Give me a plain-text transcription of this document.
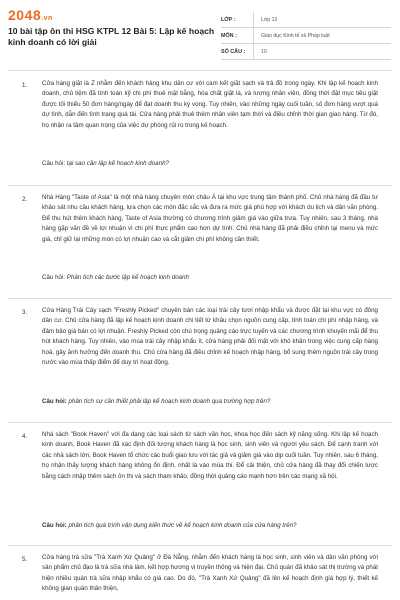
2048.vn
10 bài tập ôn thi HSG KTPL 12 Bài 5: Lập kế hoạch kinh doanh có lời giải
LỚP :	Lớp 12
MÔN :	Giáo dục Kinh tế và Pháp luật
SỐ CÂU :	10
1. Cửa hàng giặt là Z nhằm đến khách hàng khu dân cư với cam kết giặt sạch và trả đồ trong ngày. Khi lập kế hoạch kinh doanh, chủ tiệm đã tính toán kỹ chi phí thuê mặt bằng, hóa chất giặt là, và lương nhân viên, đồng thời đặt mục tiêu giặt được tối thiểu 50 đơn hàng/ngày để đạt doanh thu kỳ vọng. Tuy nhiên, vào những ngày cuối tuần, số đơn hàng vượt quá dự tính, dẫn đến tình trạng quá tải. Cửa hàng phải thuê thêm nhân viên tạm thời và điều chỉnh thời gian giao hàng. Từ đó, họ nhận ra tầm quan trọng của việc dự phòng rủi ro trong kế hoạch.
Câu hỏi: tại sao cần lập kế hoạch kinh doanh?
2. Nhà Hàng "Taste of Asia" là một nhà hàng chuyên món châu Á tại khu vực trung tâm thành phố. Chủ nhà hàng đã đầu tư khảo sát nhu cầu khách hàng, lựa chọn các món đặc sắc và đưa ra mức giá phù hợp với khách du lịch và dân văn phòng. Để thu hút thêm khách hàng, Taste of Asia thường có chương trình giảm giá vào giữa trưa. Tuy nhiên, sau 3 tháng, nhà hàng gặp vấn đề về lợi nhuận vì chi phí thực phẩm cao hơn dự tính. Chủ nhà hàng đã phải điều chỉnh lại menu và mức giá, chỉ giữ lại những món có lợi nhuận cao và cắt giảm chi phí không cần thiết.
Câu hỏi: Phân tích các bước lập kế hoạch kinh doanh
3. Cửa Hàng Trái Cây sạch "Freshly Picked" chuyên bán các loại trái cây tươi nhập khẩu và được đặt tại khu vực có đông dân cư. Chủ cửa hàng đã lập kế hoạch kinh doanh chi tiết từ khâu chọn nguồn cung cấp, tính toán chi phí nhập hàng, và đảm bảo giá bán có lợi nhuận. Freshly Picked còn chú trọng quảng cáo trực tuyến và các chương trình khuyến mãi để thu hút khách hàng. Tuy nhiên, vào mùa trái cây nhập khẩu ít, cửa hàng phải đối mặt với khó khăn trong việc cung cấp hàng hoá, gây ảnh hưởng đến doanh thu. Chủ cửa hàng đã điều chỉnh kế hoạch nhập hàng, bổ sung thêm nguồn trái cây trong nước vào mùa thấp điểm để duy trì hoạt động.
Câu hỏi: phân tích sự cần thiết phải lập kế hoạch kinh doanh qua trường hợp trên?
4. Nhà sách "Book Haven" với đa dạng các loại sách từ sách văn học, khoa học đến sách kỹ năng sống. Khi lập kế hoạch kinh doanh, Book Haven đã xác định đối tượng khách hàng là học sinh, sinh viên và người yêu sách. Để cạnh tranh với các nhà sách lớn, Book Haven tổ chức các buổi giao lưu với tác giả và giảm giá vào dịp cuối tuần. Tuy nhiên, sau 6 tháng, họ nhận thấy lượng khách hàng không ổn định, nhất là vào mùa thi. Để cải thiện, chủ cửa hàng đã thay đổi chiến lược bằng cách nhập thêm sách ôn thi và sách tham khảo, đồng thời quảng cáo mạnh hơn trên các mạng xã hội.
Câu hỏi: phân tích quá trình vận dụng kiến thức về kế hoạch kinh doanh của cửa hàng trên?
5. Cửa hàng trà sữa "Trà Xanh Xứ Quảng" ở Đà Nẵng, nhằm đến khách hàng là học sinh, sinh viên và dân văn phòng với sản phẩm chủ đạo là trà sữa nhà làm, kết hợp hương vị truyền thống và hiện đại. Chủ quán đã khảo sát thị trường và phát hiện nhiều quán trà sữa nhập khẩu có giá cao. Do đó, "Trà Xanh Xứ Quảng" đã lên kế hoạch định giá hợp lý, thiết kế không gian quán thân thiện,
